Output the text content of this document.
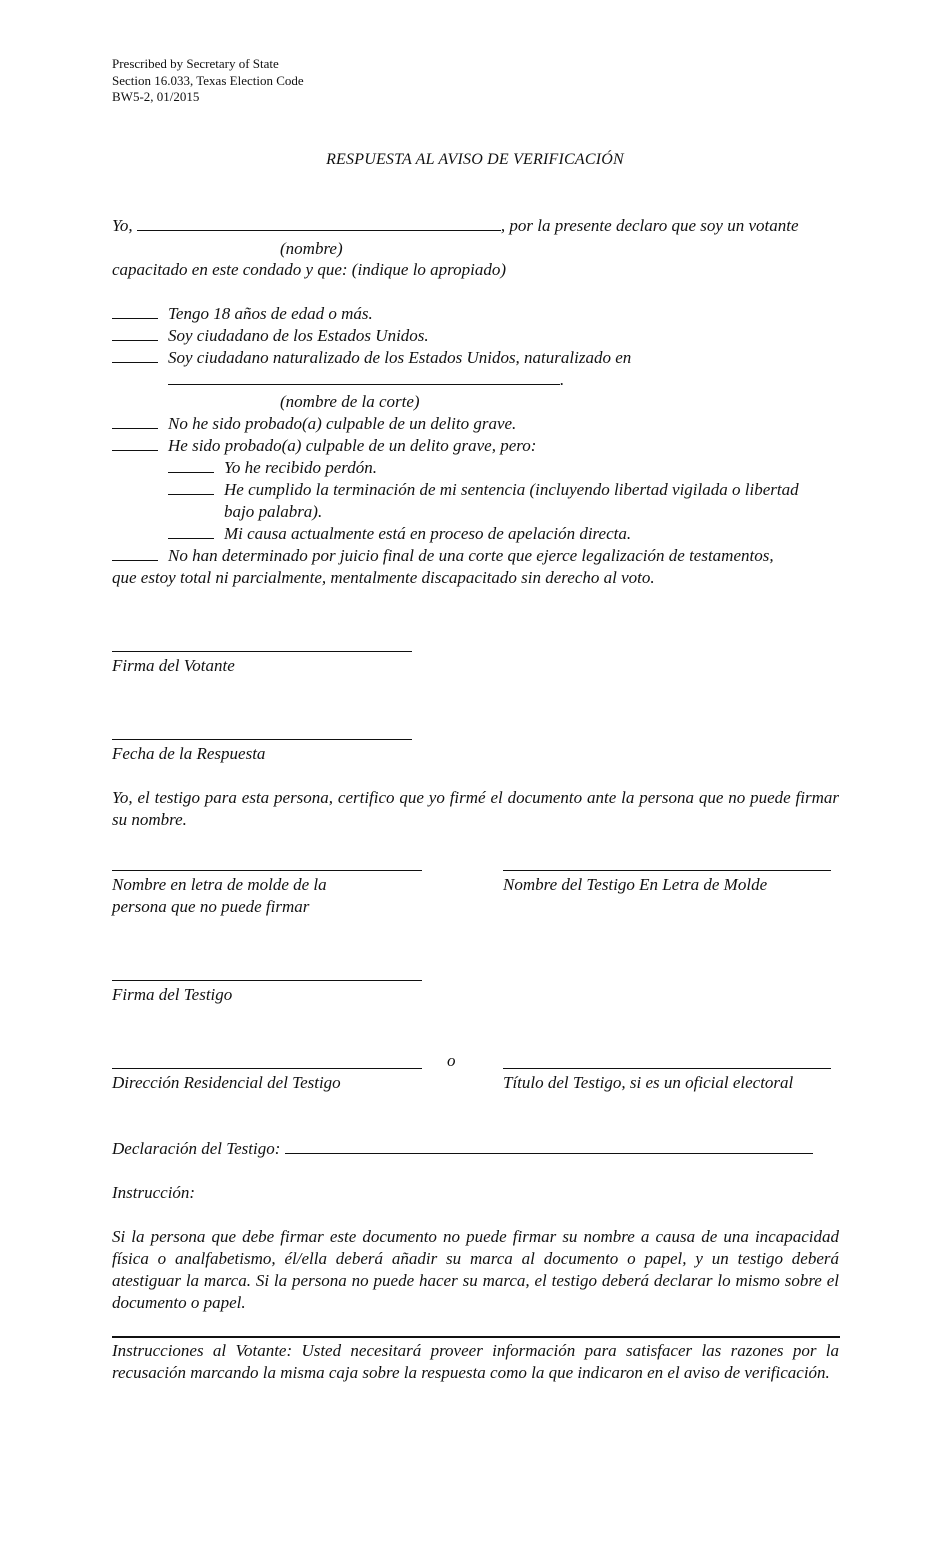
Prescribed by Secretary of State
Section 16.033, Texas Election Code
BW5-2, 01/2015
RESPUESTA AL AVISO DE VERIFICACIÓN
Yo,	, por la presente declaro que soy un votante
(nombre)
capacitado en este condado y que: (indique lo apropiado)
Tengo 18 años de edad o más.
Soy ciudadano de los Estados Unidos.
Soy ciudadano naturalizado de los Estados Unidos, naturalizado en
.
(nombre de la corte)
No he sido probado(a) culpable de un delito grave.
He sido probado(a) culpable de un delito grave, pero:
Yo he recibido perdón.
He cumplido la terminación de mi sentencia (incluyendo libertad vigilada o libertad
bajo palabra).
Mi causa actualmente está en proceso de apelación directa.
No han determinado por juicio final de una corte que ejerce legalización de testamentos,
que estoy total ni parcialmente, mentalmente discapacitado sin derecho al voto.
Firma del Votante
Fecha de la Respuesta
Yo, el testigo para esta persona, certifico que yo firmé el documento ante la persona que no puede firmar su nombre.
Nombre en letra de molde de la
persona que no puede firmar
Nombre del Testigo En Letra de Molde
Firma del Testigo
o
Dirección Residencial del Testigo	Título del Testigo, si es un oficial electoral
Declaración del Testigo:
Instrucción:
Si la persona que debe firmar este documento no puede firmar su nombre a causa de una incapacidad física o analfabetismo, él/ella deberá añadir su marca al documento o papel, y un testigo deberá atestiguar la marca. Si la persona no puede hacer su marca, el testigo deberá declarar lo mismo sobre el documento o papel.
Instrucciones al Votante: Usted necesitará proveer información para satisfacer las razones por la recusación marcando la misma caja sobre la respuesta como la que indicaron en el aviso de verificación.
